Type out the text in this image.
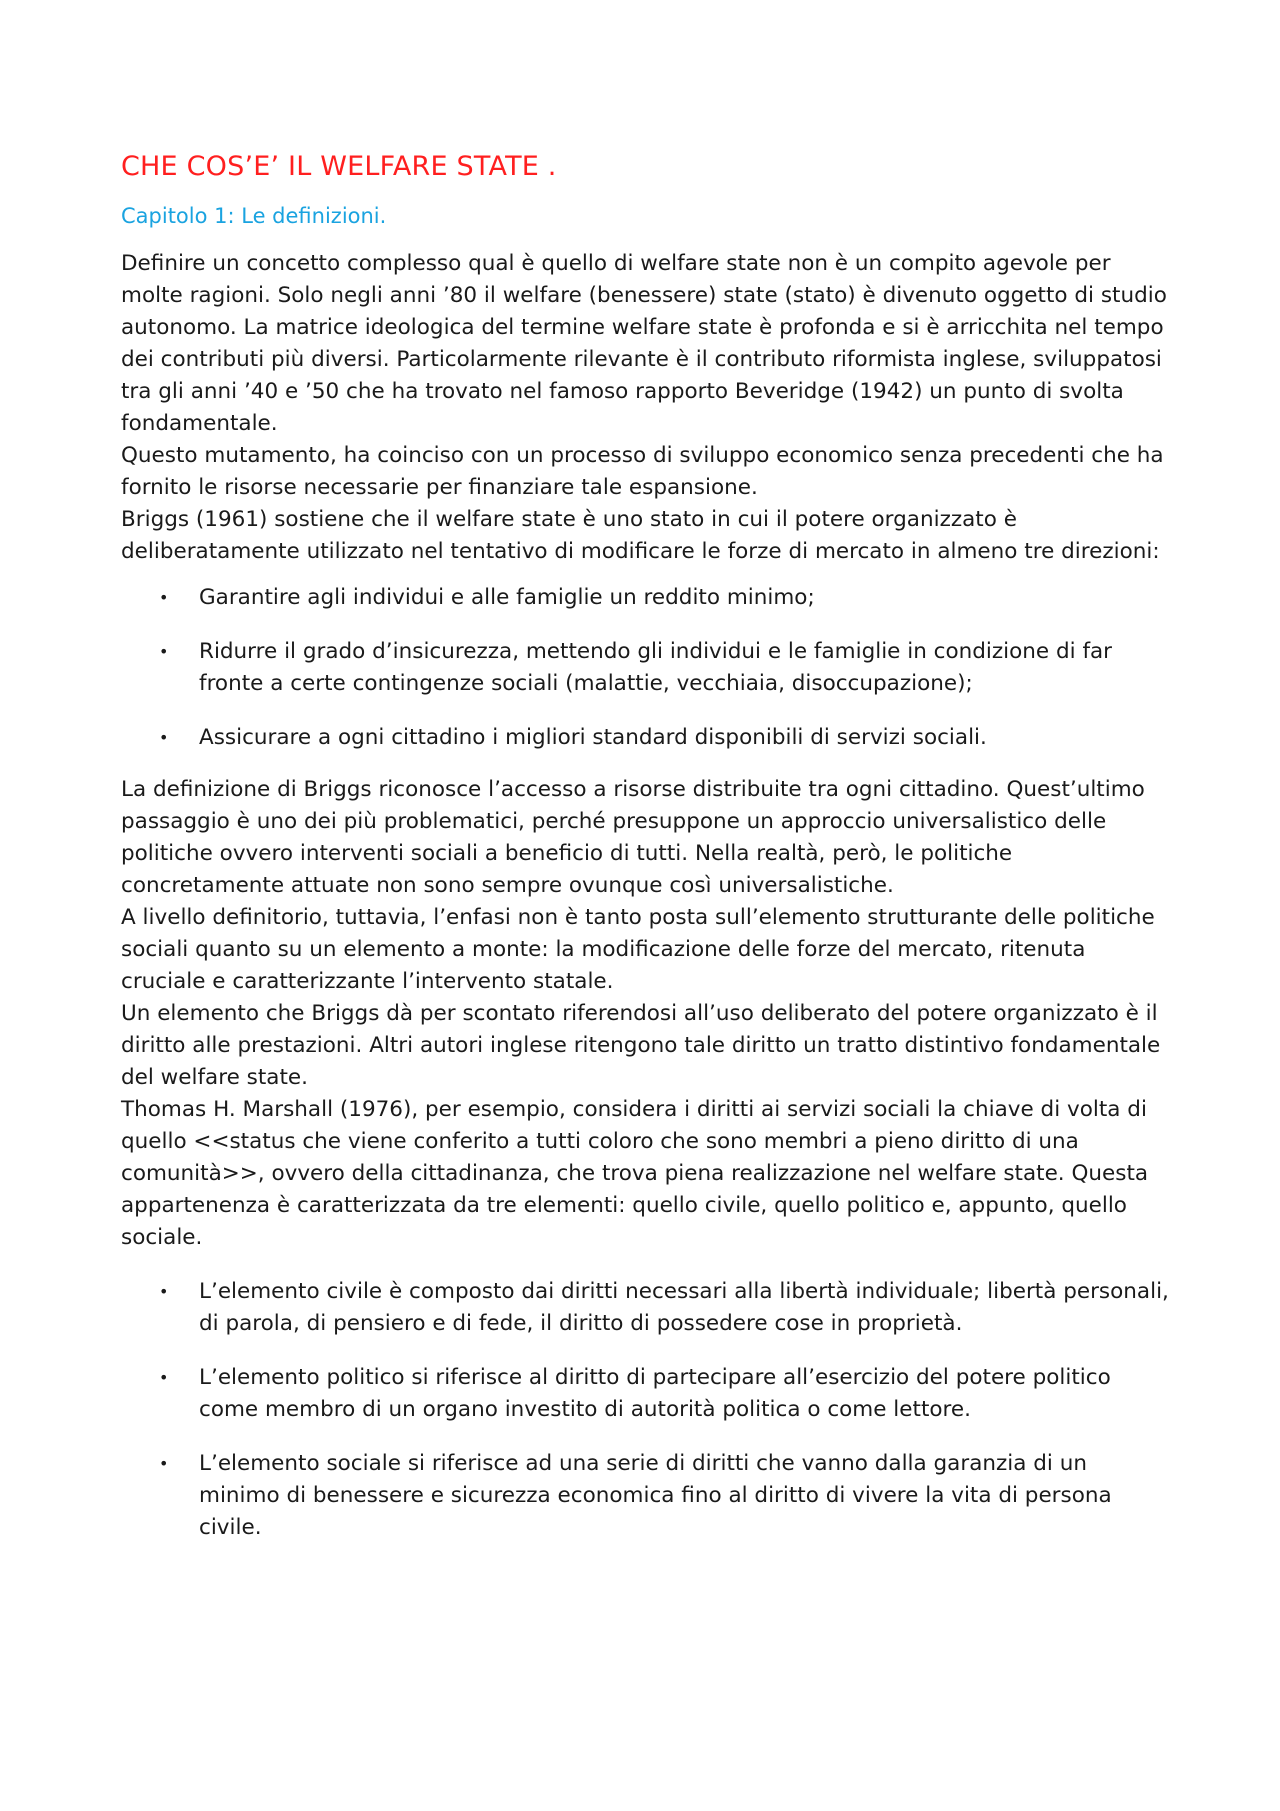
CHE COS’E’ IL WELFARE STATE .
Capitolo 1: Le definizioni.

Definire un concetto complesso qual è quello di welfare state non è un compito agevole per molte ragioni. Solo negli anni ’80 il welfare (benessere) state (stato) è divenuto oggetto di studio autonomo. La matrice ideologica del termine welfare state è profonda e si è arricchita nel tempo dei contributi più diversi. Particolarmente rilevante è il contributo riformista inglese, sviluppatosi tra gli anni ’40 e ’50 che ha trovato nel famoso rapporto Beveridge (1942) un punto di svolta fondamentale.

Questo mutamento, ha coinciso con un processo di sviluppo economico senza precedenti che ha fornito le risorse necessarie per finanziare tale espansione.

Briggs (1961) sostiene che il welfare state è uno stato in cui il potere organizzato è deliberatamente utilizzato nel tentativo di modificare le forze di mercato in almeno tre direzioni:

• Garantire agli individui e alle famiglie un reddito minimo;
• Ridurre il grado d’insicurezza, mettendo gli individui e le famiglie in condizione di far fronte a certe contingenze sociali (malattie, vecchiaia, disoccupazione);
• Assicurare a ogni cittadino i migliori standard disponibili di servizi sociali.

La definizione di Briggs riconosce l’accesso a risorse distribuite tra ogni cittadino. Quest’ultimo passaggio è uno dei più problematici, perché presuppone un approccio universalistico delle politiche ovvero interventi sociali a beneficio di tutti. Nella realtà, però, le politiche concretamente attuate non sono sempre ovunque così universalistiche.

A livello definitorio, tuttavia, l’enfasi non è tanto posta sull’elemento strutturante delle politiche sociali quanto su un elemento a monte: la modificazione delle forze del mercato, ritenuta cruciale e caratterizzante l’intervento statale.

Un elemento che Briggs dà per scontato riferendosi all’uso deliberato del potere organizzato è il diritto alle prestazioni. Altri autori inglese ritengono tale diritto un tratto distintivo fondamentale del welfare state.

Thomas H. Marshall (1976), per esempio, considera i diritti ai servizi sociali la chiave di volta di quello <<status che viene conferito a tutti coloro che sono membri a pieno diritto di una comunità>>, ovvero della cittadinanza, che trova piena realizzazione nel welfare state. Questa appartenenza è caratterizzata da tre elementi: quello civile, quello politico e, appunto, quello sociale.

• L’elemento civile è composto dai diritti necessari alla libertà individuale; libertà personali, di parola, di pensiero e di fede, il diritto di possedere cose in proprietà.
• L’elemento politico si riferisce al diritto di partecipare all’esercizio del potere politico come membro di un organo investito di autorità politica o come lettore.
• L’elemento sociale si riferisce ad una serie di diritti che vanno dalla garanzia di un minimo di benessere e sicurezza economica fino al diritto di vivere la vita di persona civile.
